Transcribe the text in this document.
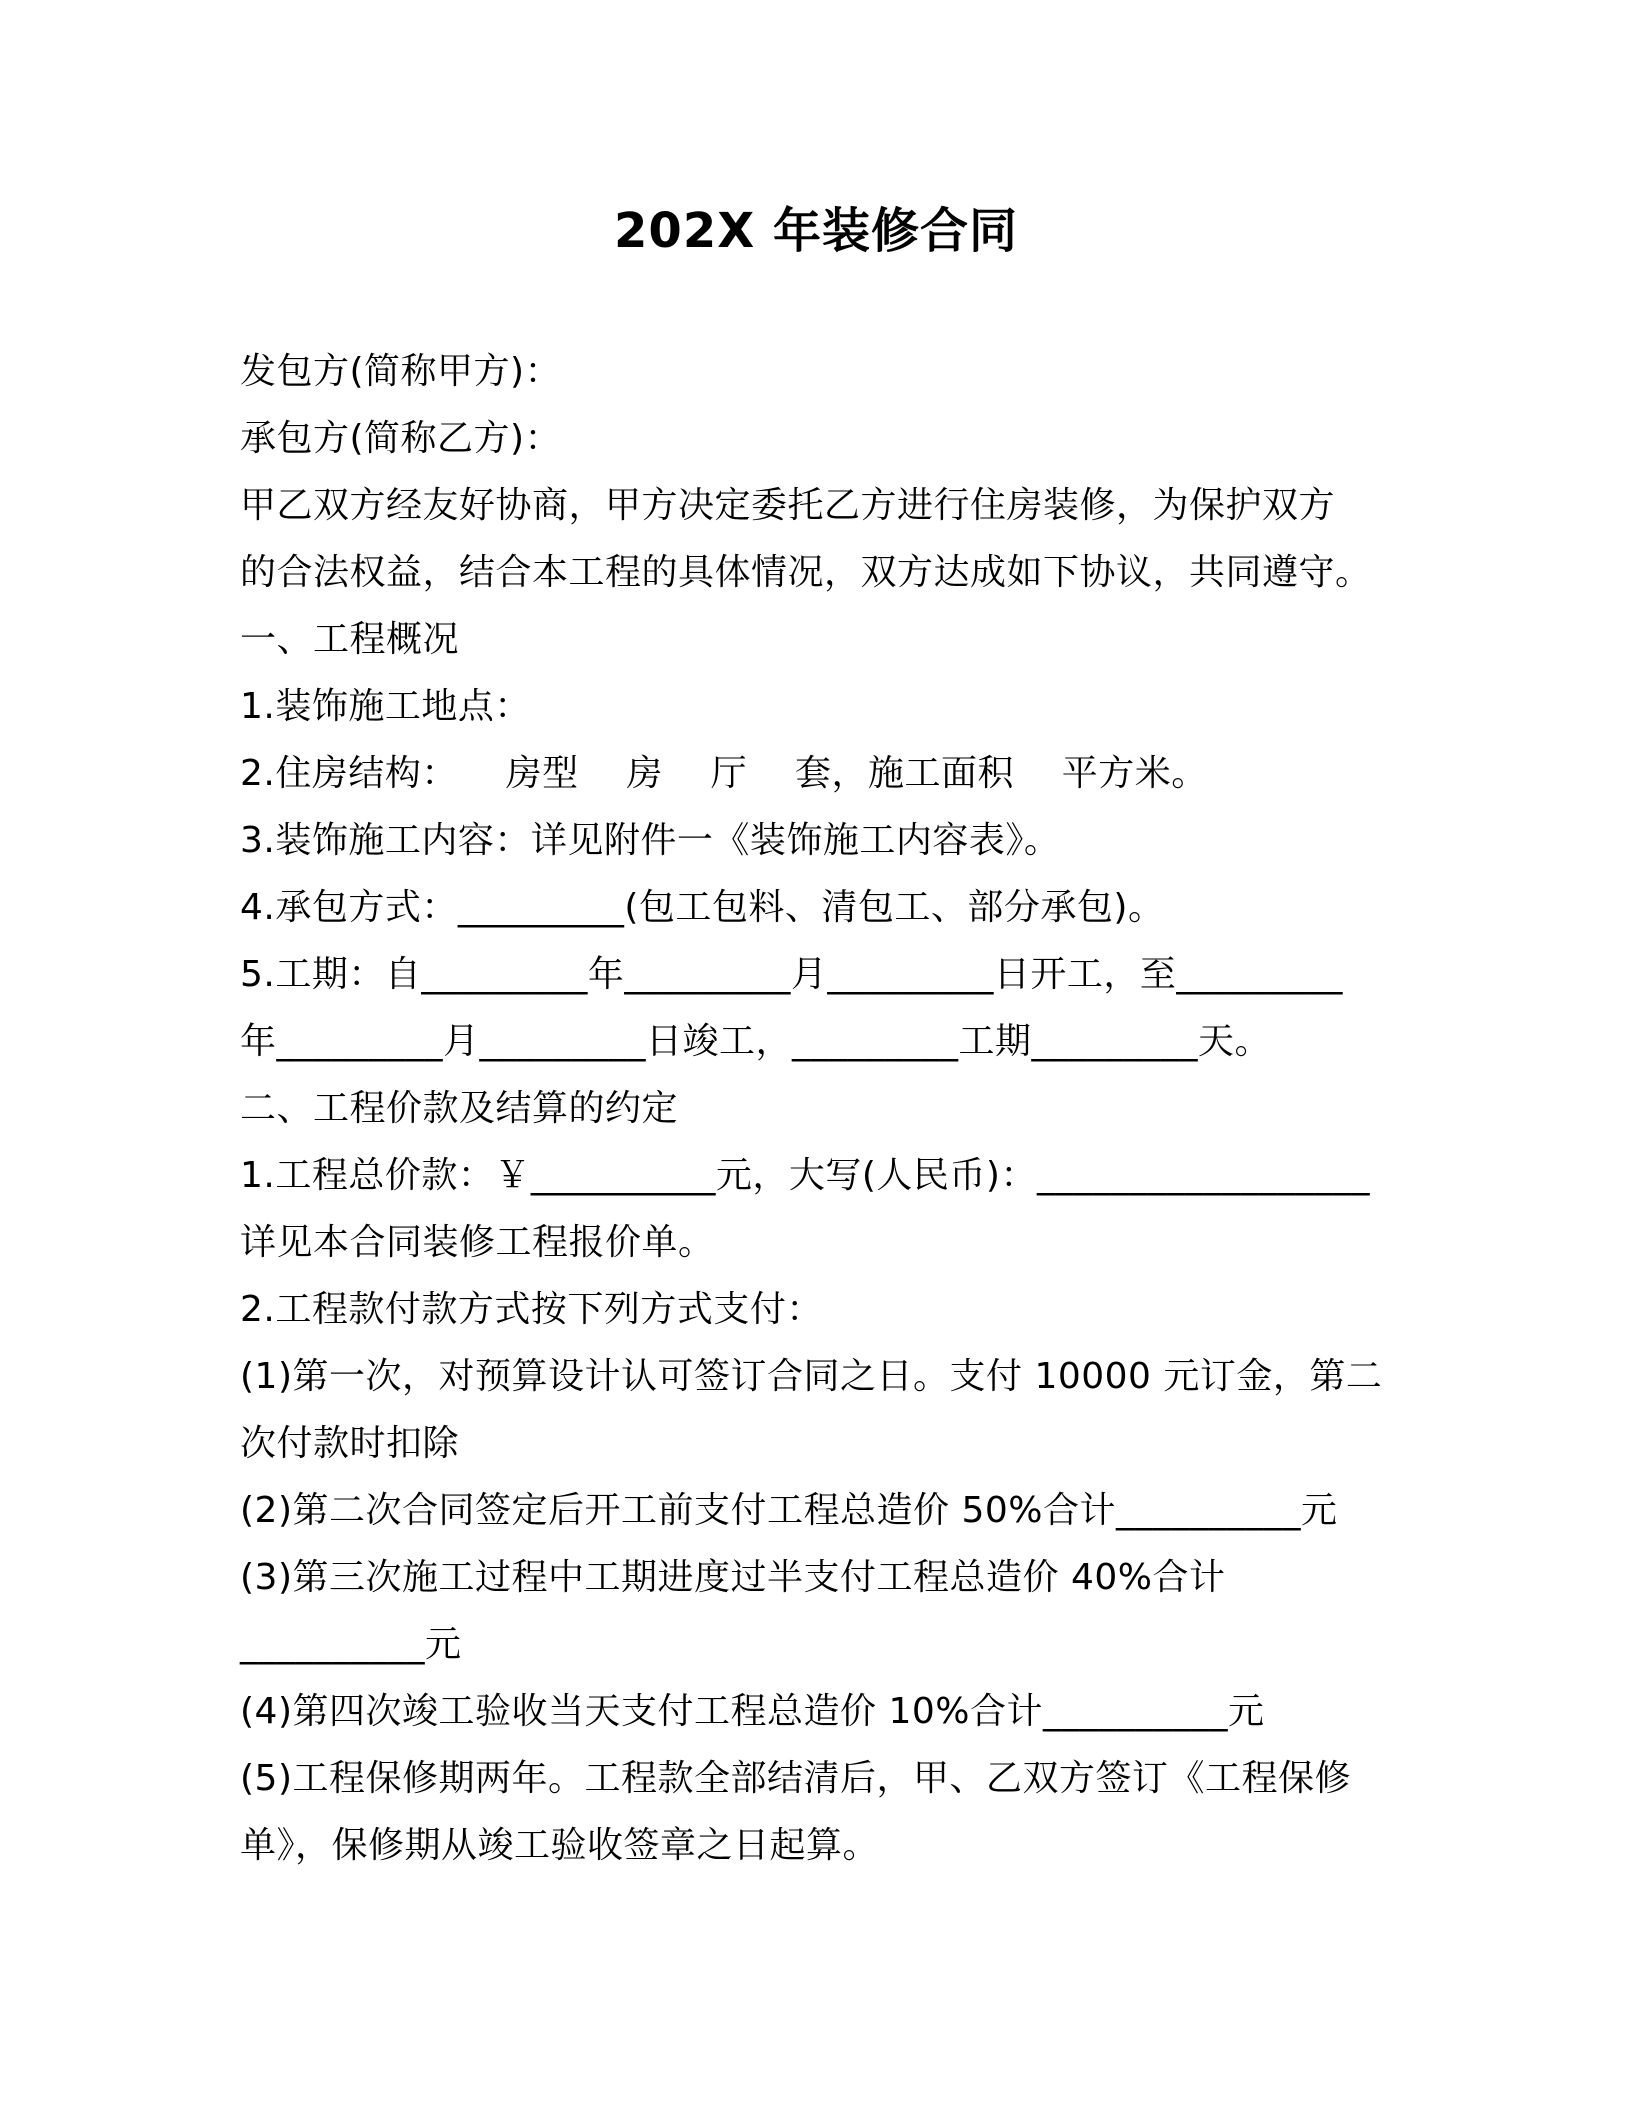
202X 年装修合同
发包方(简称甲方)：
承包方(简称乙方)：
甲乙双方经友好协商，甲方决定委托乙方进行住房装修，为保护双方
的合法权益，结合本工程的具体情况，双方达成如下协议，共同遵守。
一、工程概况
1.装饰施工地点：
2.住房结构：    房型    房    厅    套，施工面积    平方米。
3.装饰施工内容：详见附件一《装饰施工内容表》。
4.承包方式：_________(包工包料、清包工、部分承包)。
5.工期：自_________年_________月_________日开工，至_________
年_________月_________日竣工，_________工期_________天。
二、工程价款及结算的约定
1.工程总价款：￥__________元，大写(人民币)：__________________
详见本合同装修工程报价单。
2.工程款付款方式按下列方式支付：
(1)第一次，对预算设计认可签订合同之日。支付 10000 元订金，第二
次付款时扣除
(2)第二次合同签定后开工前支付工程总造价 50%合计__________元
(3)第三次施工过程中工期进度过半支付工程总造价 40%合计
__________元
(4)第四次竣工验收当天支付工程总造价 10%合计__________元
(5)工程保修期两年。工程款全部结清后，甲、乙双方签订《工程保修
单》，保修期从竣工验收签章之日起算。
